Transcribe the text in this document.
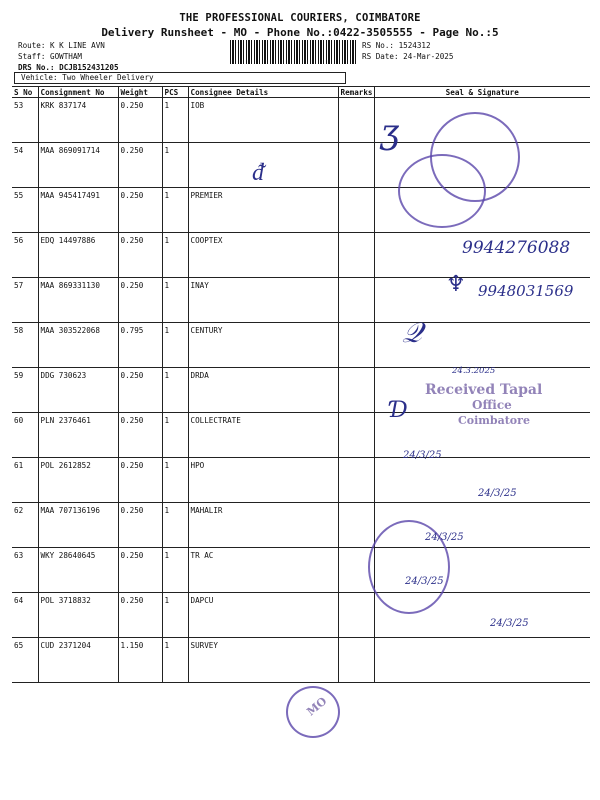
THE PROFESSIONAL COURIERS, COIMBATORE
Delivery Runsheet - MO - Phone No.:0422-3505555 - Page No.:5
Route: K K LINE AVN
Staff: GOWTHAM
DRS No.: DCJB152431205
RS No.: 1524312
RS Date: 24-Mar-2025
Vehicle: Two Wheeler Delivery
S No	Consignment No	Weight	PCS	Consignee Details	Remarks	Seal & Signature
53	KRK 837174	0.250	1	IOB		
54	MAA 869091714	0.250	1			
55	MAA 945417491	0.250	1	PREMIER		
56	EDQ 14497886	0.250	1	COOPTEX		
57	MAA 869331130	0.250	1	INAY		
58	MAA 303522068	0.795	1	CENTURY		
59	DDG 730623	0.250	1	DRDA		
60	PLN 2376461	0.250	1	COLLECTRATE		
61	POL 2612852	0.250	1	HPO		
62	MAA 707136196	0.250	1	MAHALIR		
63	WKY 28640645	0.250	1	TR AC		
64	POL 3718832	0.250	1	DAPCU		
65	CUD 2371204	1.150	1	SURVEY		
ʒ
ᵭ
9944276088
9948031569
♆
𝒬
24.3.2025
Received Tapal
Office
Coimbatore
Ɗ
24/3/25
24/3/25
24/3/25
24/3/25
24/3/25
MO
